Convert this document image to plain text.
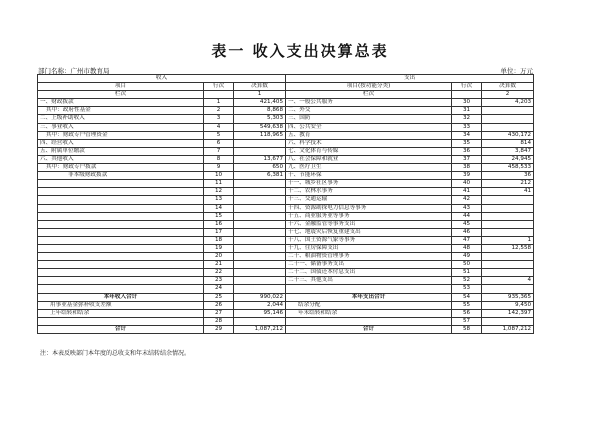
表一 收入支出决算总表
部门名称：广州市教育局	单位：万元
收入			支出		
项目	行次	决算数	项目(按功能分类)	行次	决算数
栏次		1	栏次		2
一、财政拨款	1	421,405	一、一般公共服务	30	4,203
其中：政府性基金	2	8,868	二、外交	31	
二、上级补助收入	3	5,303	三、国防	32	
三、事业收入	4	549,638	四、公共安全	33	
其中：财政专户管理资金	5	118,965	五、教育	34	430,172
四、经营收入	6		六、科学技术	35	814
五、附属单位缴款	7		七、文化体育与传媒	36	3,847
六、其他收入	8	13,677	八、社会保障和就业	37	24,945
其中：财政专户拨款	9	650	九、医疗卫生	38	458,533
非本级财政拨款	10	6,381	十、节能环保	39	36
	11		十一、城乡社区事务	40	212
	12		十二、农林水事务	41	41
	13		十三、交通运输	42	
	14		十四、资源勘探电力信息等事务	43	
	15		十五、商业服务业等事务	44	
	16		十六、金融监管等事务支出	45	
	17		十七、地震灾后恢复重建支出	46	
	18		十八、国土资源气象等事务	47	1
	19		十九、住房保障支出	48	12,558
	20		二十、粮油物资管理事务	49	
	21		二十一、储备事务支出	50	
	22		二十二、国债还本付息支出	51	
	23		二十三、其他支出	52	4
	24			53	
本年收入合计	25	990,022	本年支出合计	54	935,365
用事业基金弥补收支差额	26	2,044	结余分配	55	9,450
上年结转和结余	27	95,146	年末结转和结余	56	142,397
	28			57	
合计	29	1,087,212	合计	58	1,087,212
注：本表反映部门本年度的总收支和年末结转结余情况。
